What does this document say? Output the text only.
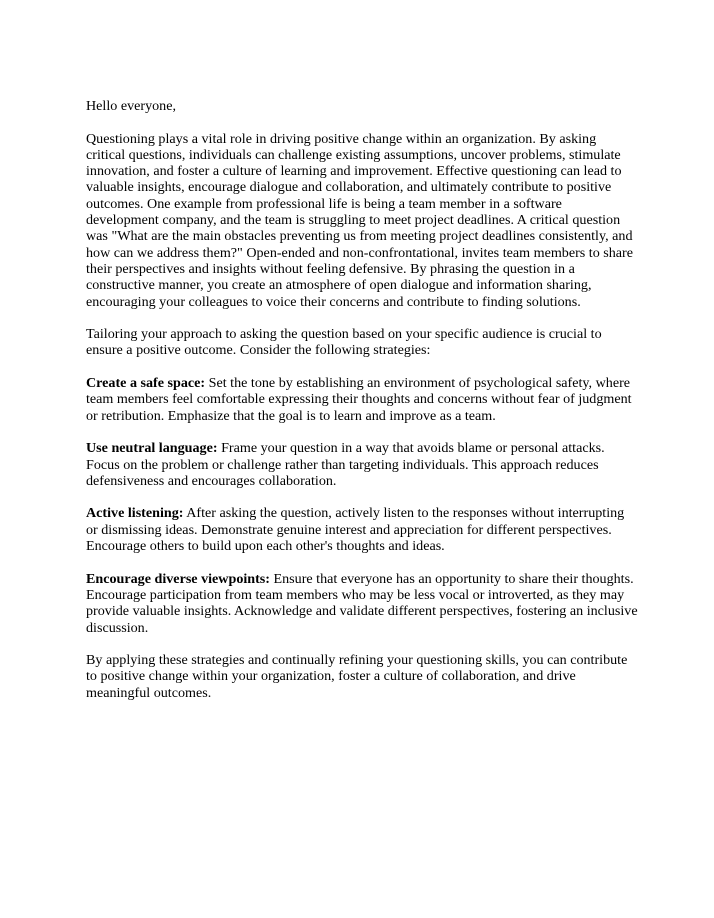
Hello everyone,

Questioning plays a vital role in driving positive change within an organization. By asking critical questions, individuals can challenge existing assumptions, uncover problems, stimulate innovation, and foster a culture of learning and improvement. Effective questioning can lead to valuable insights, encourage dialogue and collaboration, and ultimately contribute to positive outcomes. One example from professional life is being a team member in a software development company, and the team is struggling to meet project deadlines. A critical question was "What are the main obstacles preventing us from meeting project deadlines consistently, and how can we address them?" Open-ended and non-confrontational, invites team members to share their perspectives and insights without feeling defensive. By phrasing the question in a constructive manner, you create an atmosphere of open dialogue and information sharing, encouraging your colleagues to voice their concerns and contribute to finding solutions.

Tailoring your approach to asking the question based on your specific audience is crucial to ensure a positive outcome. Consider the following strategies:

Create a safe space: Set the tone by establishing an environment of psychological safety, where team members feel comfortable expressing their thoughts and concerns without fear of judgment or retribution. Emphasize that the goal is to learn and improve as a team.

Use neutral language: Frame your question in a way that avoids blame or personal attacks. Focus on the problem or challenge rather than targeting individuals. This approach reduces defensiveness and encourages collaboration.

Active listening: After asking the question, actively listen to the responses without interrupting or dismissing ideas. Demonstrate genuine interest and appreciation for different perspectives. Encourage others to build upon each other's thoughts and ideas.

Encourage diverse viewpoints: Ensure that everyone has an opportunity to share their thoughts. Encourage participation from team members who may be less vocal or introverted, as they may provide valuable insights. Acknowledge and validate different perspectives, fostering an inclusive discussion.

By applying these strategies and continually refining your questioning skills, you can contribute to positive change within your organization, foster a culture of collaboration, and drive meaningful outcomes.
